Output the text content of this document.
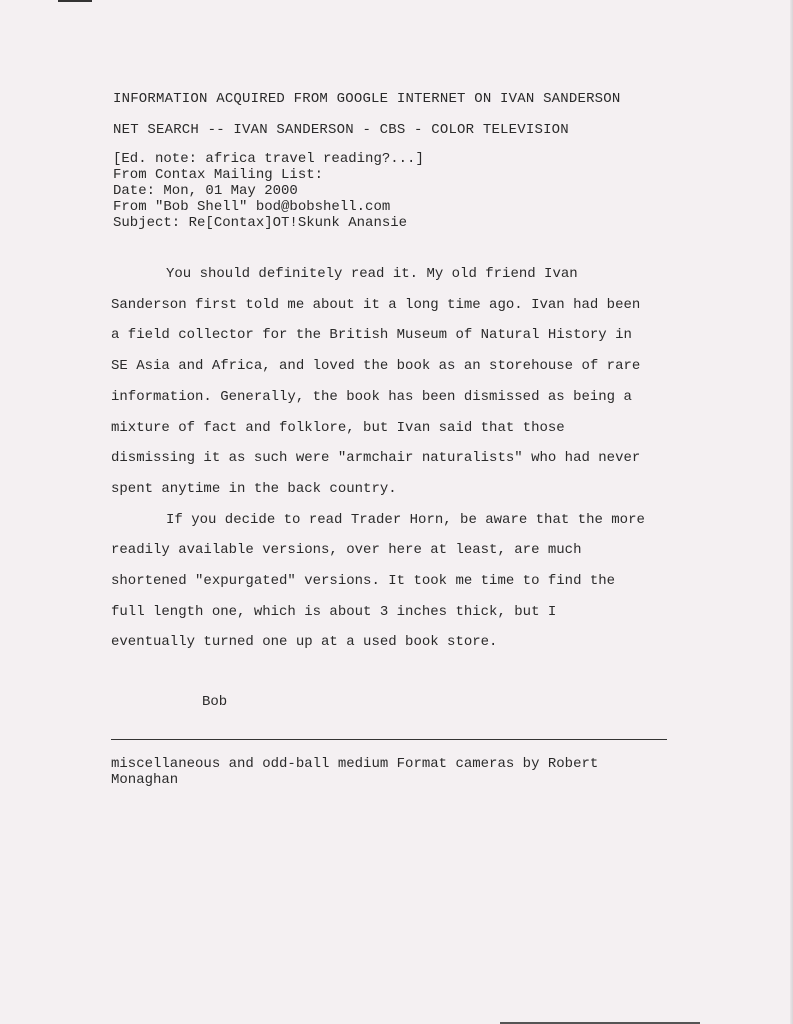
INFORMATION ACQUIRED FROM GOOGLE INTERNET ON IVAN SANDERSON
NET SEARCH -- IVAN SANDERSON - CBS - COLOR TELEVISION
[Ed. note: africa travel reading?...]
From Contax Mailing List:
Date: Mon, 01 May 2000
From "Bob Shell" bod@bobshell.com
Subject: Re[Contax]OT!Skunk Anansie
You should definitely read it. My old friend Ivan
Sanderson first told me about it a long time ago. Ivan had been
a field collector for the British Museum of Natural History in
SE Asia and Africa, and loved the book as an storehouse of rare
information. Generally, the book has been dismissed as being a
mixture of fact and folklore, but Ivan said that those
dismissing it as such were "armchair naturalists" who had never
spent anytime in the back country.
If you decide to read Trader Horn, be aware that the more
readily available versions, over here at least, are much
shortened "expurgated" versions. It took me time to find the
full length one, which is about 3 inches thick, but I
eventually turned one up at a used book store.
Bob
miscellaneous and odd-ball medium Format cameras by Robert
Monaghan
